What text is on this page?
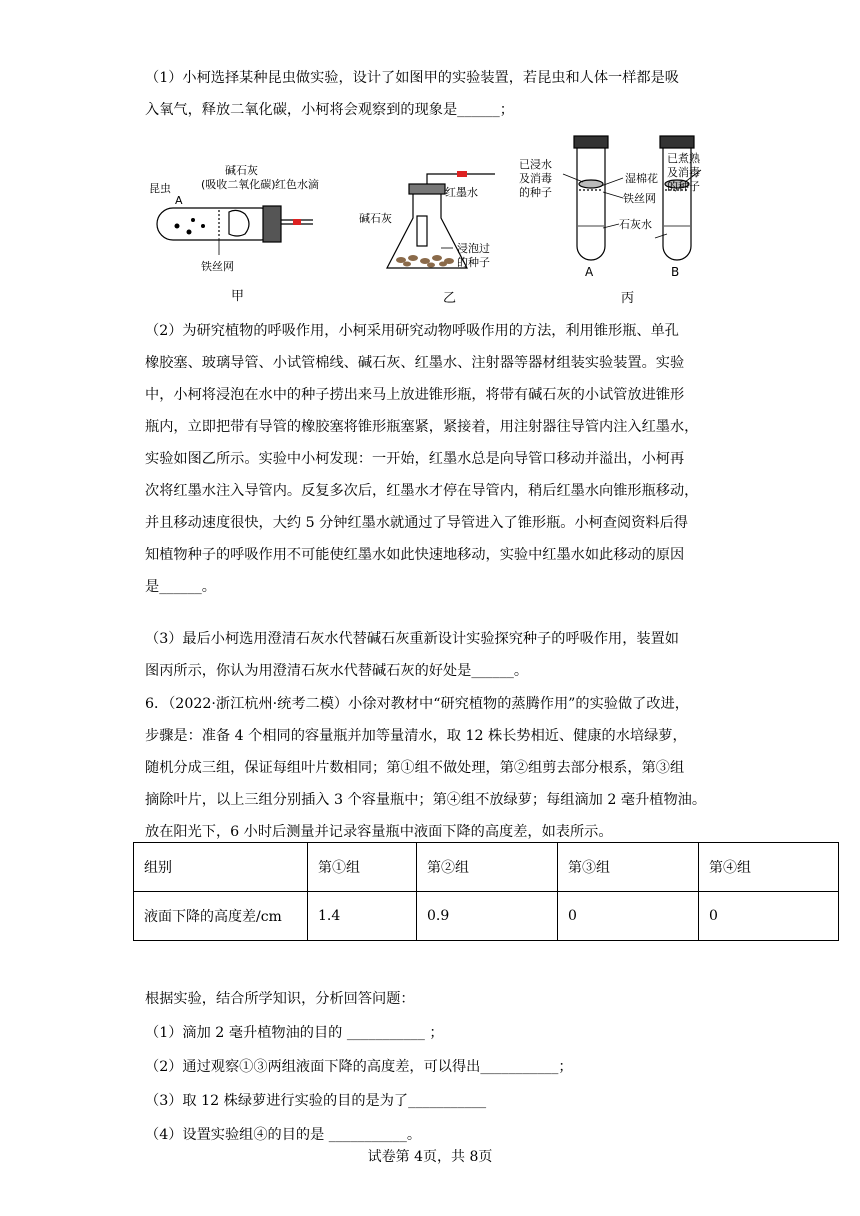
（1）小柯选择某种昆虫做实验，设计了如图甲的实验装置，若昆虫和人体一样都是吸
入氧气，释放二氧化碳，小柯将会观察到的现象是______；
昆虫
A
碱石灰
(吸收二氧化碳) 红色水滴
铁丝网
甲
红墨水
碱石灰
浸泡过
的种子
乙
已浸水
及消毒
的种子
湿棉花
铁丝网
石灰水
已煮熟
及消毒
的种子
A	B
丙
（2）为研究植物的呼吸作用，小柯采用研究动物呼吸作用的方法，利用锥形瓶、单孔
橡胶塞、玻璃导管、小试管棉线、碱石灰、红墨水、注射器等器材组装实验装置。实验
中，小柯将浸泡在水中的种子捞出来马上放进锥形瓶，将带有碱石灰的小试管放进锥形
瓶内，立即把带有导管的橡胶塞将锥形瓶塞紧，紧接着，用注射器往导管内注入红墨水，
实验如图乙所示。实验中小柯发现：一开始，红墨水总是向导管口移动并溢出，小柯再
次将红墨水注入导管内。反复多次后，红墨水才停在导管内，稍后红墨水向锥形瓶移动，
并且移动速度很快，大约 5 分钟红墨水就通过了导管进入了锥形瓶。小柯查阅资料后得
知植物种子的呼吸作用不可能使红墨水如此快速地移动，实验中红墨水如此移动的原因
是______。
（3）最后小柯选用澄清石灰水代替碱石灰重新设计实验探究种子的呼吸作用，装置如
图丙所示，你认为用澄清石灰水代替碱石灰的好处是______。
6．（2022·浙江杭州·统考二模）小徐对教材中“研究植物的蒸腾作用”的实验做了改进，
步骤是：准备 4 个相同的容量瓶并加等量清水，取 12 株长势相近、健康的水培绿萝，
随机分成三组，保证每组叶片数相同；第①组不做处理，第②组剪去部分根系，第③组
摘除叶片，以上三组分别插入 3 个容量瓶中；第④组不放绿萝；每组滴加 2 毫升植物油。
放在阳光下，6 小时后测量并记录容量瓶中液面下降的高度差，如表所示。
组别	第①组	第②组	第③组	第④组
液面下降的高度差/cm	1.4	0.9	0	0
根据实验，结合所学知识，分析回答问题：
（1）滴加 2 毫升植物油的目的 ___________ ；
（2）通过观察①③两组液面下降的高度差，可以得出___________；
（3）取 12 株绿萝进行实验的目的是为了___________
（4）设置实验组④的目的是 ___________。
试卷第 4页，共 8页
